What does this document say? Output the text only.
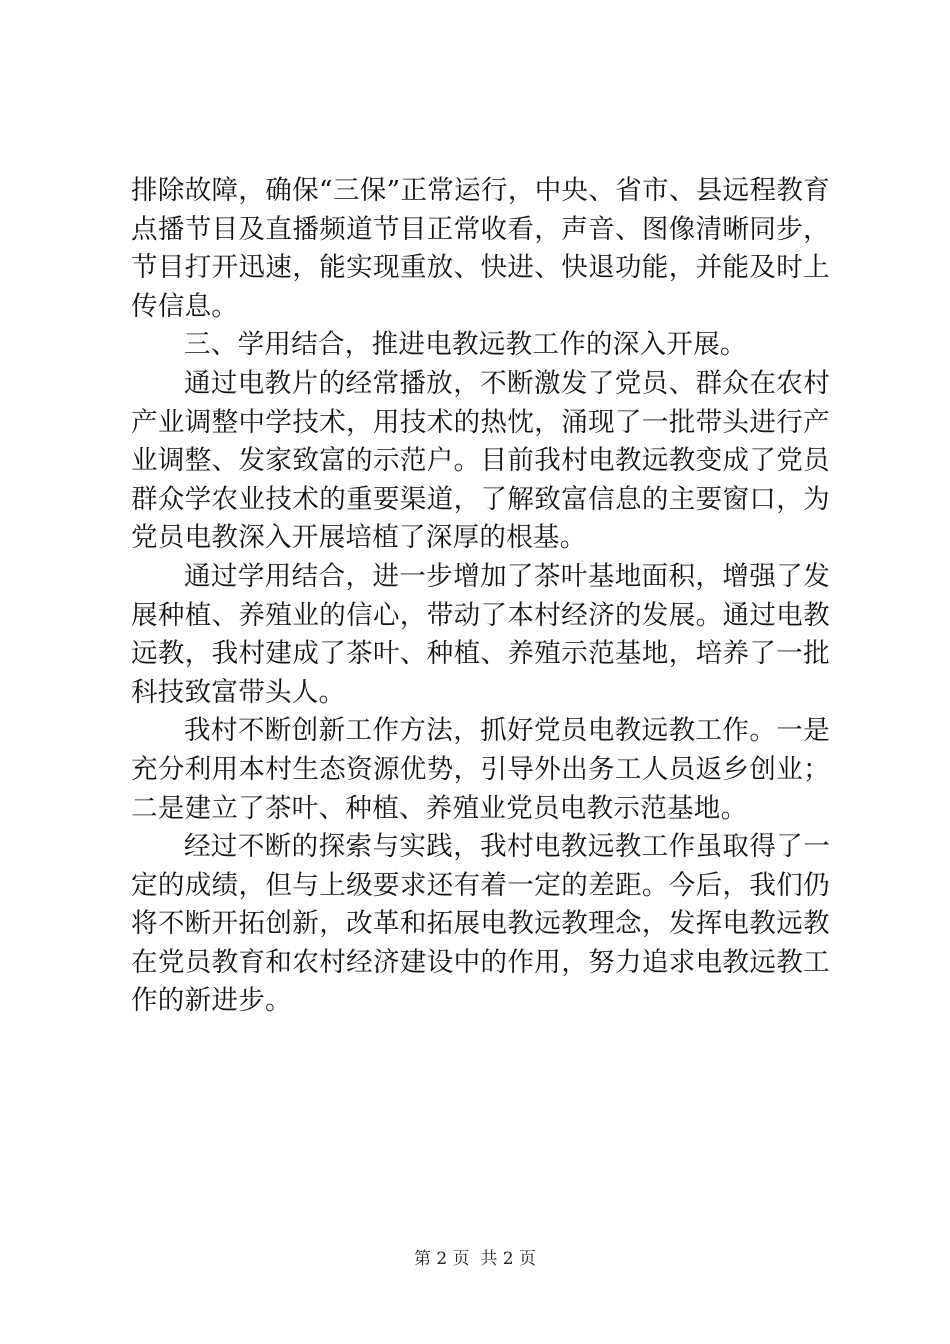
排除故障，确保“三保”正常运行，中央、省市、县远程教育点播节目及直播频道节目正常收看，声音、图像清晰同步，节目打开迅速，能实现重放、快进、快退功能，并能及时上传信息。

三、学用结合，推进电教远教工作的深入开展。

通过电教片的经常播放，不断激发了党员、群众在农村产业调整中学技术，用技术的热忱，涌现了一批带头进行产业调整、发家致富的示范户。目前我村电教远教变成了党员群众学农业技术的重要渠道，了解致富信息的主要窗口，为党员电教深入开展培植了深厚的根基。

通过学用结合，进一步增加了茶叶基地面积，增强了发展种植、养殖业的信心，带动了本村经济的发展。通过电教远教，我村建成了茶叶、种植、养殖示范基地，培养了一批科技致富带头人。

我村不断创新工作方法，抓好党员电教远教工作。一是充分利用本村生态资源优势，引导外出务工人员返乡创业；二是建立了茶叶、种植、养殖业党员电教示范基地。

经过不断的探索与实践，我村电教远教工作虽取得了一定的成绩，但与上级要求还有着一定的差距。今后，我们仍将不断开拓创新，改革和拓展电教远教理念，发挥电教远教在党员教育和农村经济建设中的作用，努力追求电教远教工作的新进步。

第 2 页  共 2 页
